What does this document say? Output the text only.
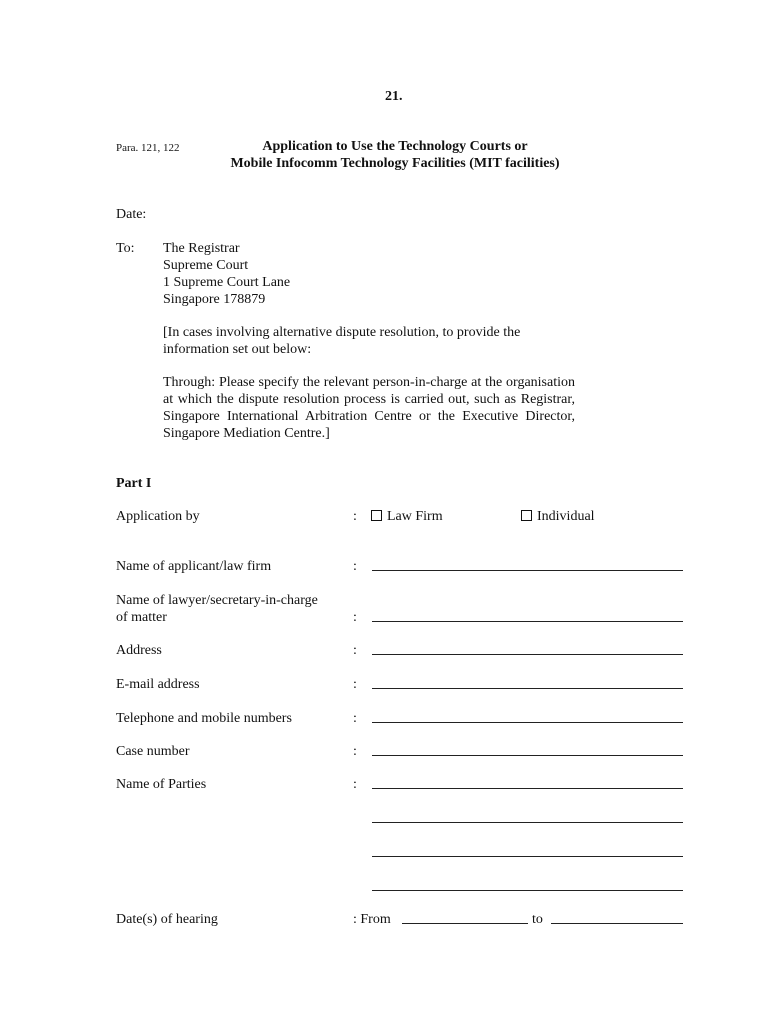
21.
Para. 121, 122	Application to Use the Technology Courts or
Mobile Infocomm Technology Facilities (MIT facilities)
Date:
To: The Registrar
Supreme Court
1 Supreme Court Lane
Singapore 178879
[In cases involving alternative dispute resolution, to provide the information set out below:
Through: Please specify the relevant person-in-charge at the organisation at which the dispute resolution process is carried out, such as Registrar, Singapore International Arbitration Centre or the Executive Director, Singapore Mediation Centre.]
Part I
Application by	:	Law Firm	Individual
Name of applicant/law firm	:
Name of lawyer/secretary-in-charge
of matter	:
Address	:
E-mail address	:
Telephone and mobile numbers	:
Case number	:
Name of Parties	:
Date(s) of hearing	: From	to
